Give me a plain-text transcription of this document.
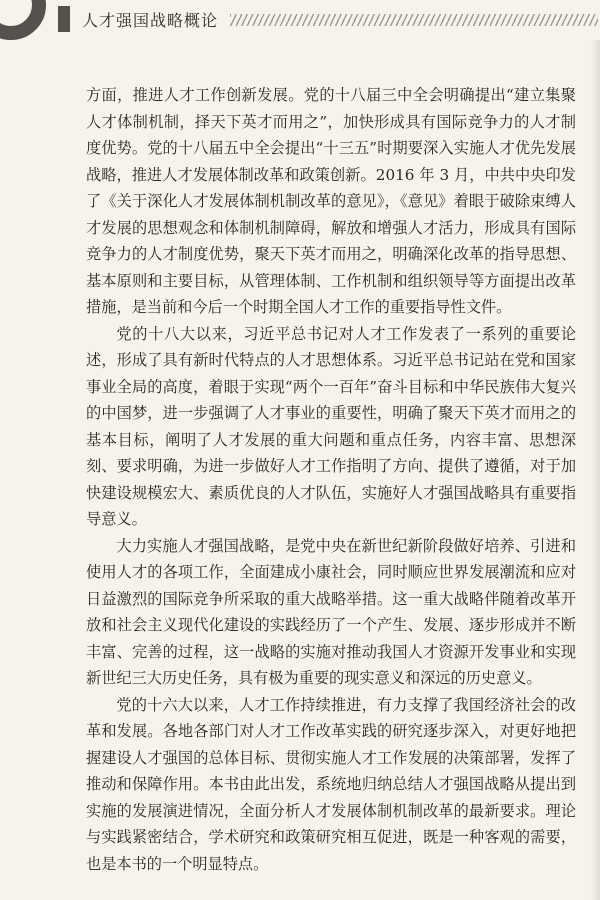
人才强国战略概论

方面，推进人才工作创新发展。党的十八届三中全会明确提出“建立集聚人才体制机制，择天下英才而用之”，加快形成具有国际竞争力的人才制度优势。党的十八届五中全会提出“十三五”时期要深入实施人才优先发展战略，推进人才发展体制改革和政策创新。2016 年 3 月，中共中央印发了《关于深化人才发展体制机制改革的意见》，《意见》着眼于破除束缚人才发展的思想观念和体制机制障碍，解放和增强人才活力，形成具有国际竞争力的人才制度优势，聚天下英才而用之，明确深化改革的指导思想、基本原则和主要目标，从管理体制、工作机制和组织领导等方面提出改革措施，是当前和今后一个时期全国人才工作的重要指导性文件。

党的十八大以来，习近平总书记对人才工作发表了一系列的重要论述，形成了具有新时代特点的人才思想体系。习近平总书记站在党和国家事业全局的高度，着眼于实现“两个一百年”奋斗目标和中华民族伟大复兴的中国梦，进一步强调了人才事业的重要性，明确了聚天下英才而用之的基本目标，阐明了人才发展的重大问题和重点任务，内容丰富、思想深刻、要求明确，为进一步做好人才工作指明了方向、提供了遵循，对于加快建设规模宏大、素质优良的人才队伍，实施好人才强国战略具有重要指导意义。

大力实施人才强国战略，是党中央在新世纪新阶段做好培养、引进和使用人才的各项工作，全面建成小康社会，同时顺应世界发展潮流和应对日益激烈的国际竞争所采取的重大战略举措。这一重大战略伴随着改革开放和社会主义现代化建设的实践经历了一个产生、发展、逐步形成并不断丰富、完善的过程，这一战略的实施对推动我国人才资源开发事业和实现新世纪三大历史任务，具有极为重要的现实意义和深远的历史意义。

党的十六大以来，人才工作持续推进，有力支撑了我国经济社会的改革和发展。各地各部门对人才工作改革实践的研究逐步深入，对更好地把握建设人才强国的总体目标、贯彻实施人才工作发展的决策部署，发挥了推动和保障作用。本书由此出发，系统地归纳总结人才强国战略从提出到实施的发展演进情况，全面分析人才发展体制机制改革的最新要求。理论与实践紧密结合，学术研究和政策研究相互促进，既是一种客观的需要，也是本书的一个明显特点。
